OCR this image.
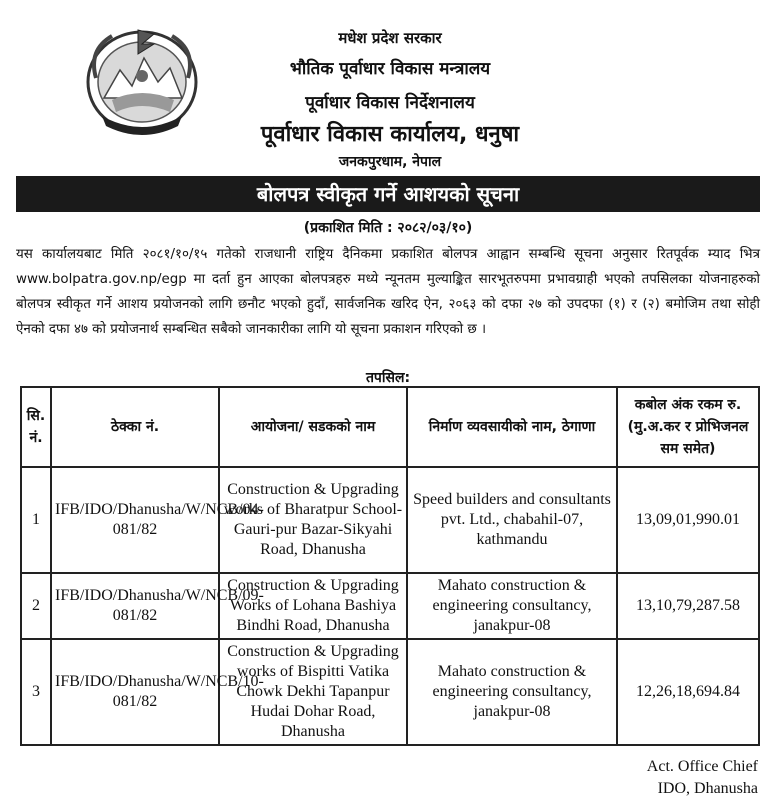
मधेश प्रदेश सरकार
भौतिक पूर्वाधार विकास मन्त्रालय
पूर्वाधार विकास निर्देशनालय
पूर्वाधार विकास कार्यालय, धनुषा
जनकपुरधाम, नेपाल
बोलपत्र स्वीकृत गर्ने आशयको सूचना
(प्रकाशित मिति : २०८२/०३/१०)
यस कार्यालयबाट मिति २०८१/१०/१५ गतेको राजधानी राष्ट्रिय दैनिकमा प्रकाशित बोलपत्र आह्वान सम्बन्धि सूचना अनुसार रितपूर्वक म्याद भित्र www.bolpatra.gov.np/egp मा दर्ता हुन आएका बोलपत्रहरु मध्ये न्यूनतम मुल्याङ्कित सारभूतरुपमा प्रभावग्राही भएको तपसिलका योजनाहरुको बोलपत्र स्वीकृत गर्ने आशय प्रयोजनको लागि छनौट भएको हुदाँ, सार्वजनिक खरिद ऐन, २०६३ को दफा २७ को उपदफा (१) र (२) बमोजिम तथा सोही ऐनको दफा ४७ को प्रयोजनार्थ सम्बन्धित सबैको जानकारीका लागि यो सूचना प्रकाशन गरिएको छ ।
तपसिल:
सि. नं.	ठेक्का नं.	आयोजना/ सडकको नाम	निर्माण व्यवसायीको नाम, ठेगाणा	कबोल अंक रकम रु. (मु.अ.कर र प्रोभिजनल सम समेत)
1	IFB/IDO/Dhanusha/W/NCB/04-081/82	Construction & Upgrading works of Bharatpur School-Gauri-pur Bazar-Sikyahi Road, Dhanusha	Speed builders and consultants pvt. Ltd., chabahil-07, kathmandu	13,09,01,990.01
2	IFB/IDO/Dhanusha/W/NCB/09-081/82	Construction & Upgrading Works of Lohana Bashiya Bindhi Road, Dhanusha	Mahato construction & engineering consultancy, janakpur-08	13,10,79,287.58
3	IFB/IDO/Dhanusha/W/NCB/10-081/82	Construction & Upgrading works of Bispitti Vatika Chowk Dekhi Tapanpur Hudai Dohar Road, Dhanusha	Mahato construction & engineering consultancy, janakpur-08	12,26,18,694.84
Act. Office Chief
IDO, Dhanusha
